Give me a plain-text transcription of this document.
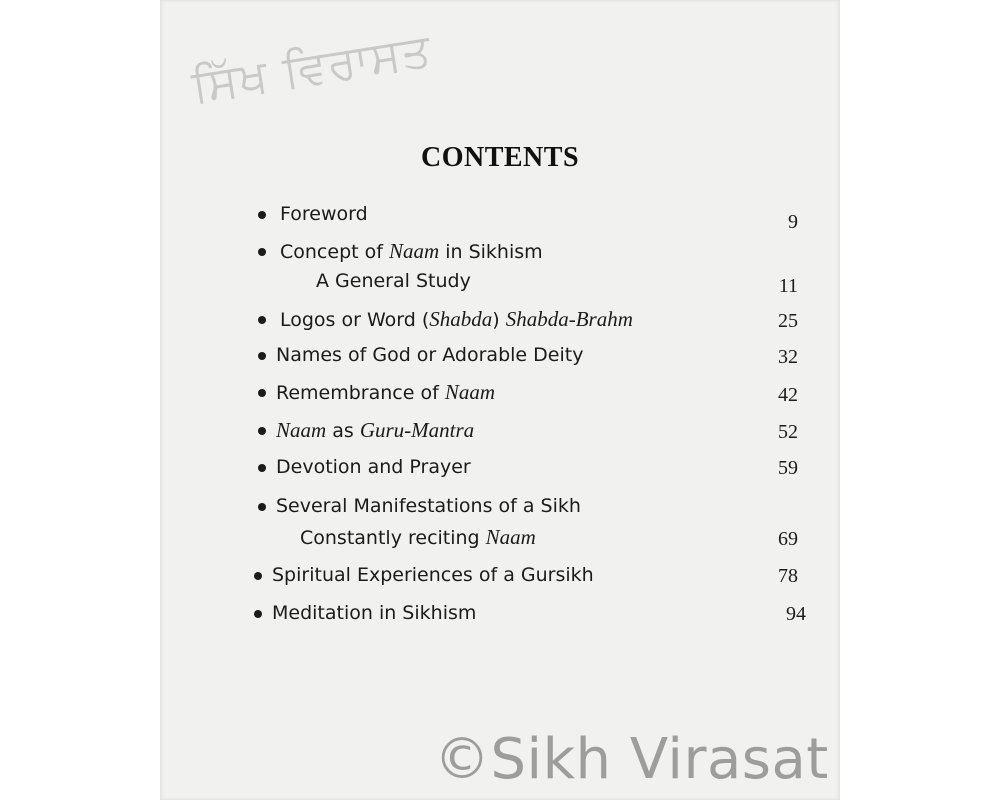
ਸਿੱਖ ਵਿਰਾਸਤ
CONTENTS
Foreword	9
Concept of Naam in Sikhism
A General Study	11
Logos or Word (Shabda) Shabda-Brahm	25
Names of God or Adorable Deity	32
Remembrance of Naam	42
Naam as Guru-Mantra	52
Devotion and Prayer	59
Several Manifestations of a Sikh
Constantly reciting Naam	69
Spiritual Experiences of a Gursikh	78
Meditation in Sikhism	94
©Sikh Virasat
